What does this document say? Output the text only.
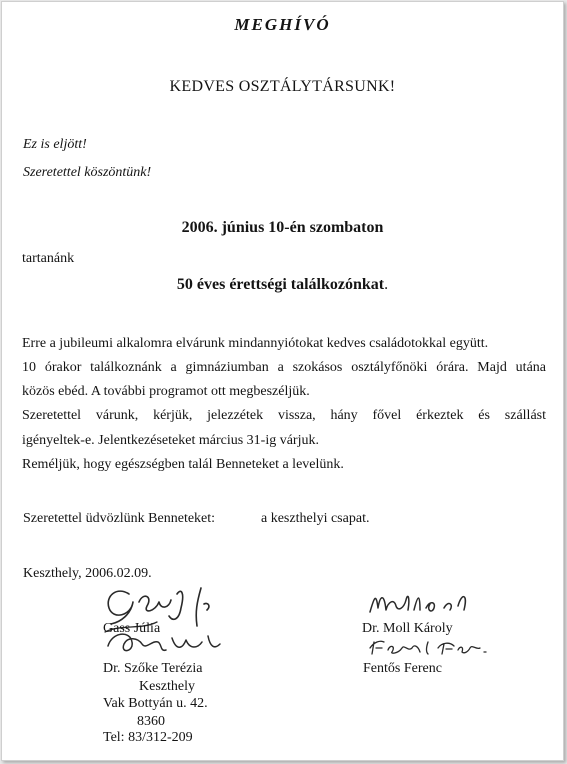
MEGHÍVÓ
KEDVES OSZTÁLYTÁRSUNK!
Ez is eljött!
Szeretettel köszöntünk!
2006. június 10-én szombaton
tartanánk
50 éves érettségi találkozónkat.
Erre a jubileumi alkalomra elvárunk mindannyiótokat kedves családotokkal együtt.
10 órakor találkoznánk a gimnáziumban a szokásos osztályfőnöki órára. Majd utána
közös ebéd. A további programot ott megbeszéljük.
Szeretettel várunk, kérjük, jelezzétek vissza, hány fővel érkeztek és szállást
igényeltek-e. Jelentkezéseteket március 31-ig várjuk.
Reméljük, hogy egészségben talál Benneteket a levelünk.
Szeretettel üdvözlünk Benneteket:	a keszthelyi csapat.
Keszthely, 2006.02.09.
Gass Júlia
Dr. Szőke Terézia
Keszthely
Vak Bottyán u. 42.
8360
Tel: 83/312-209
Dr. Moll Károly
Fentős Ferenc
